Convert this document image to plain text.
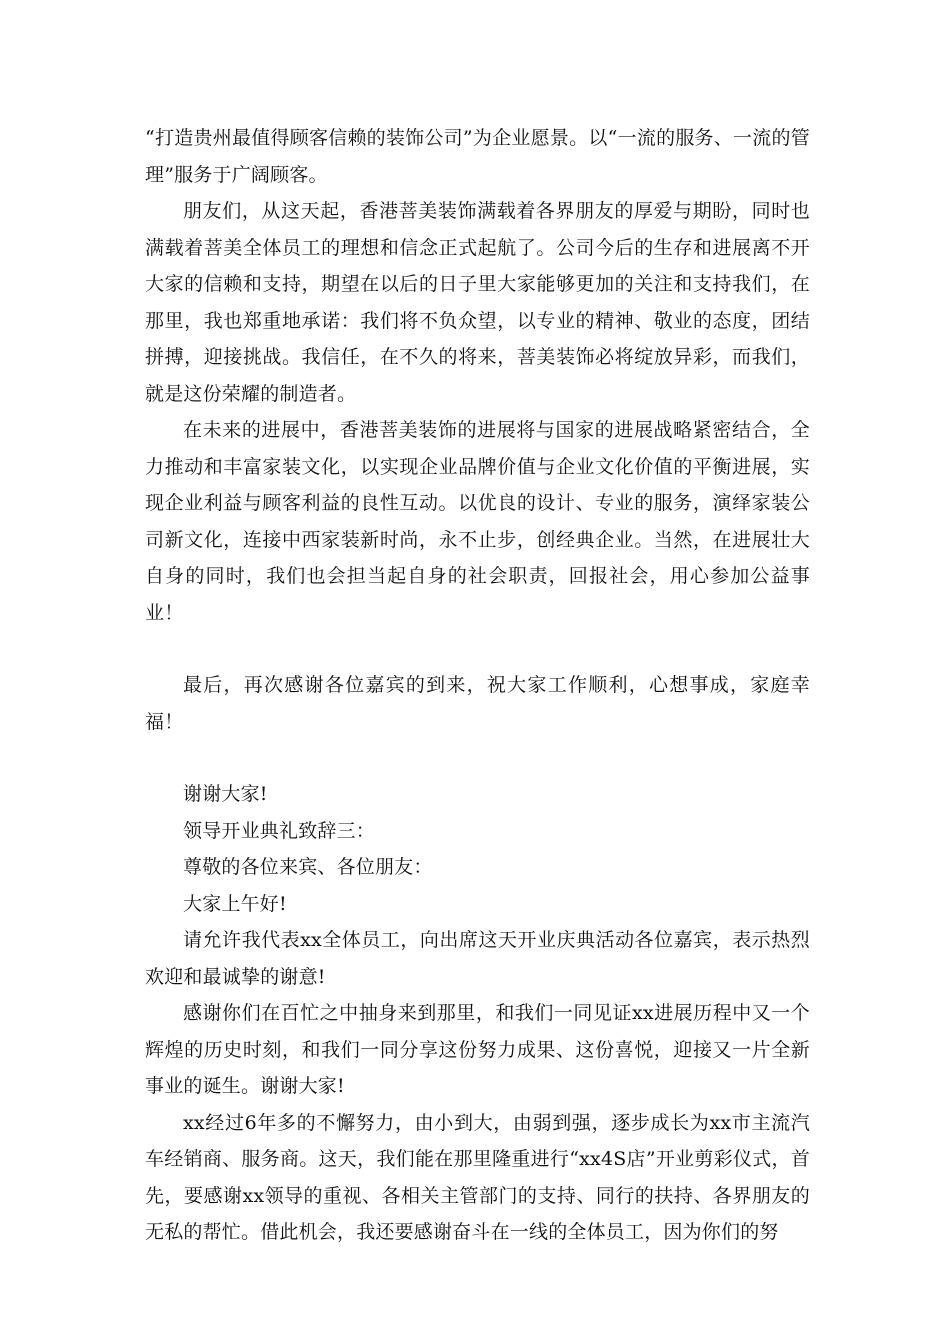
“打造贵州最值得顾客信赖的装饰公司”为企业愿景。以“一流的服务、一流的管理”服务于广阔顾客。

朋友们，从这天起，香港菩美装饰满载着各界朋友的厚爱与期盼，同时也满载着菩美全体员工的理想和信念正式起航了。公司今后的生存和进展离不开大家的信赖和支持，期望在以后的日子里大家能够更加的关注和支持我们，在那里，我也郑重地承诺：我们将不负众望，以专业的精神、敬业的态度，团结拼搏，迎接挑战。我信任，在不久的将来，菩美装饰必将绽放异彩，而我们，就是这份荣耀的制造者。

在未来的进展中，香港菩美装饰的进展将与国家的进展战略紧密结合，全力推动和丰富家装文化，以实现企业品牌价值与企业文化价值的平衡进展，实现企业利益与顾客利益的良性互动。以优良的设计、专业的服务，演绎家装公司新文化，连接中西家装新时尚，永不止步，创经典企业。当然，在进展壮大自身的同时，我们也会担当起自身的社会职责，回报社会，用心参加公益事业！

最后，再次感谢各位嘉宾的到来，祝大家工作顺利，心想事成，家庭幸福！

谢谢大家!

领导开业典礼致辞三：

尊敬的各位来宾、各位朋友：

大家上午好!

请允许我代表xx全体员工，向出席这天开业庆典活动各位嘉宾，表示热烈欢迎和最诚挚的谢意!

感谢你们在百忙之中抽身来到那里，和我们一同见证xx进展历程中又一个辉煌的历史时刻，和我们一同分享这份努力成果、这份喜悦，迎接又一片全新事业的诞生。谢谢大家!

xx经过6年多的不懈努力，由小到大，由弱到强，逐步成长为xx市主流汽车经销商、服务商。这天，我们能在那里隆重进行“xx4S店”开业剪彩仪式，首先，要感谢xx领导的重视、各相关主管部门的支持、同行的扶持、各界朋友的无私的帮忙。借此机会，我还要感谢奋斗在一线的全体员工，因为你们的努
